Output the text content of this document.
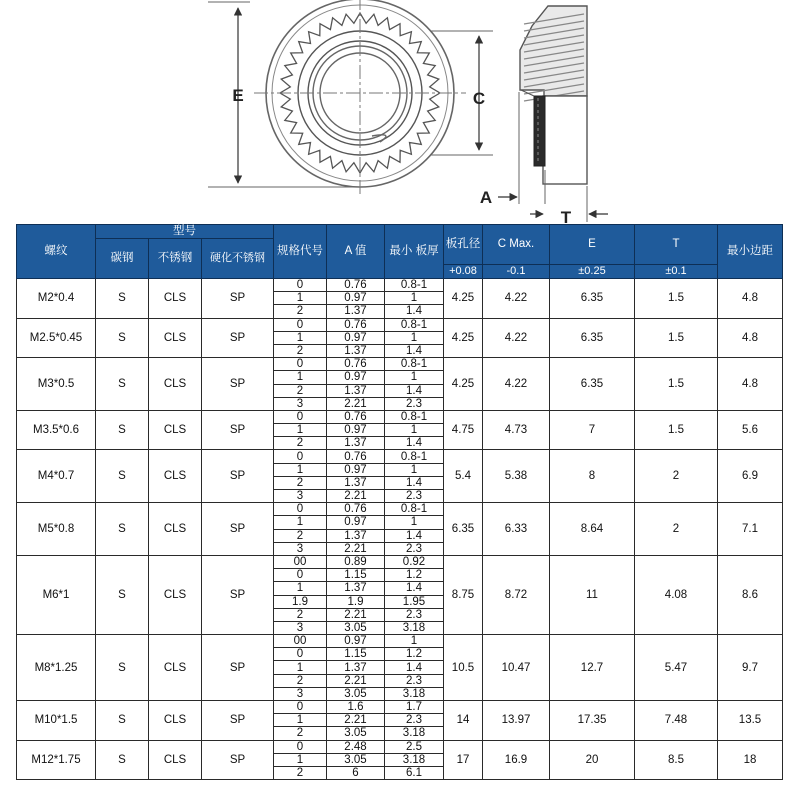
E	C
A
T
螺纹	型号			规格代号	A 值	最小 板厚	板孔径	C Max.	E	T	最小边距
	碳钢	不锈钢	硬化不锈钢								
							+0.08	-0.1	±0.25	±0.1	
M2*0.4	S	CLS	SP	0	0.76	0.8-1	4.25	4.22	6.35	1.5	4.8
				1	0.97	1					
				2	1.37	1.4					
M2.5*0.45	S	CLS	SP	0	0.76	0.8-1	4.25	4.22	6.35	1.5	4.8
				1	0.97	1					
				2	1.37	1.4					
M3*0.5	S	CLS	SP	0	0.76	0.8-1	4.25	4.22	6.35	1.5	4.8
				1	0.97	1					
				2	1.37	1.4					
				3	2.21	2.3					
M3.5*0.6	S	CLS	SP	0	0.76	0.8-1	4.75	4.73	7	1.5	5.6
				1	0.97	1					
				2	1.37	1.4					
M4*0.7	S	CLS	SP	0	0.76	0.8-1	5.4	5.38	8	2	6.9
				1	0.97	1					
				2	1.37	1.4					
				3	2.21	2.3					
M5*0.8	S	CLS	SP	0	0.76	0.8-1	6.35	6.33	8.64	2	7.1
				1	0.97	1					
				2	1.37	1.4					
				3	2.21	2.3					
M6*1	S	CLS	SP	00	0.89	0.92	8.75	8.72	11	4.08	8.6
				0	1.15	1.2					
				1	1.37	1.4					
				1.9	1.9	1.95					
				2	2.21	2.3					
				3	3.05	3.18					
M8*1.25	S	CLS	SP	00	0.97	1	10.5	10.47	12.7	5.47	9.7
				0	1.15	1.2					
				1	1.37	1.4					
				2	2.21	2.3					
				3	3.05	3.18					
M10*1.5	S	CLS	SP	0	1.6	1.7	14	13.97	17.35	7.48	13.5
				1	2.21	2.3					
				2	3.05	3.18					
M12*1.75	S	CLS	SP	0	2.48	2.5	17	16.9	20	8.5	18
				1	3.05	3.18					
				2	6	6.1					
